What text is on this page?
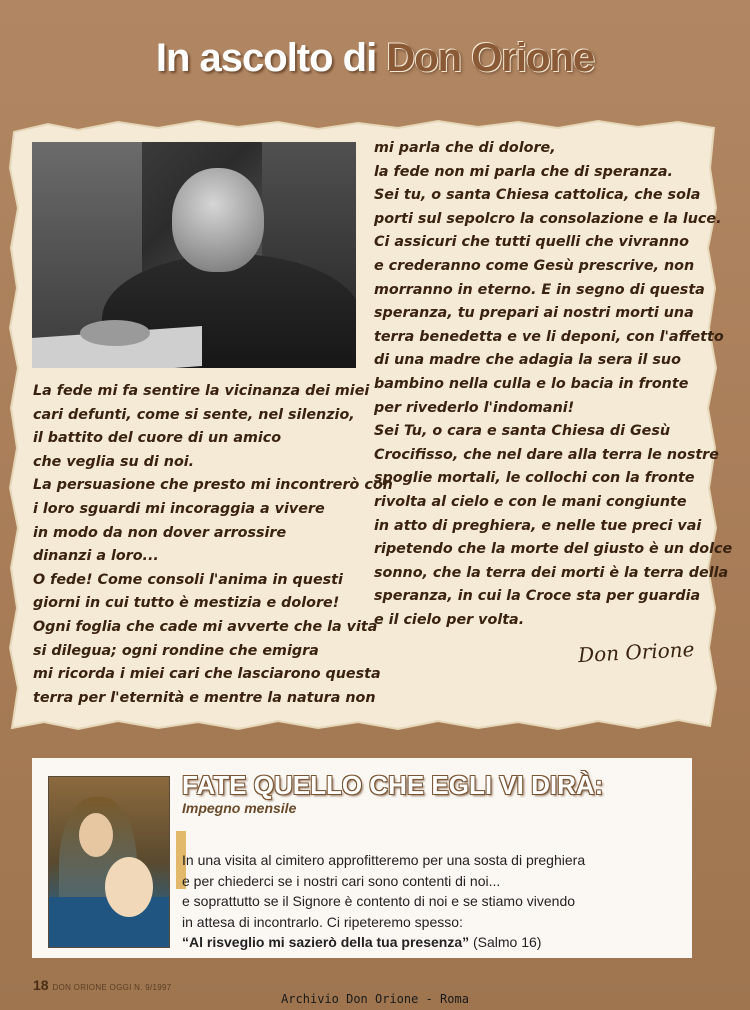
In ascolto di Don Orione
La fede mi fa sentire la vicinanza dei miei
cari defunti, come si sente, nel silenzio,
il battito del cuore di un amico
che veglia su di noi.
La persuasione che presto mi incontrerò con
i loro sguardi mi incoraggia a vivere
in modo da non dover arrossire
dinanzi a loro...
O fede! Come consoli l'anima in questi
giorni in cui tutto è mestizia e dolore!
Ogni foglia che cade mi avverte che la vita
si dilegua; ogni rondine che emigra
mi ricorda i miei cari che lasciarono questa
terra per l'eternità e mentre la natura non
mi parla che di dolore,
la fede non mi parla che di speranza.
Sei tu, o santa Chiesa cattolica, che sola
porti sul sepolcro la consolazione e la luce.
Ci assicuri che tutti quelli che vivranno
e crederanno come Gesù prescrive, non
morranno in eterno. E in segno di questa
speranza, tu prepari ai nostri morti una
terra benedetta e ve li deponi, con l'affetto
di una madre che adagia la sera il suo
bambino nella culla e lo bacia in fronte
per rivederlo l'indomani!
Sei Tu, o cara e santa Chiesa di Gesù
Crocifisso, che nel dare alla terra le nostre
spoglie mortali, le collochi con la fronte
rivolta al cielo e con le mani congiunte
in atto di preghiera, e nelle tue preci vai
ripetendo che la morte del giusto è un dolce
sonno, che la terra dei morti è la terra della
speranza, in cui la Croce sta per guardia
e il cielo per volta.
Don Orione
FATE QUELLO CHE EGLI VI DIRÀ:
Impegno mensile
In una visita al cimitero approfitteremo per una sosta di preghiera
e per chiederci se i nostri cari sono contenti di noi...
e soprattutto se il Signore è contento di noi e se stiamo vivendo
in attesa di incontrarlo. Ci ripeteremo spesso:
“Al risveglio mi sazierò della tua presenza” (Salmo 16)
18 DON ORIONE OGGI N. 9/1997
Archivio Don Orione - Roma
